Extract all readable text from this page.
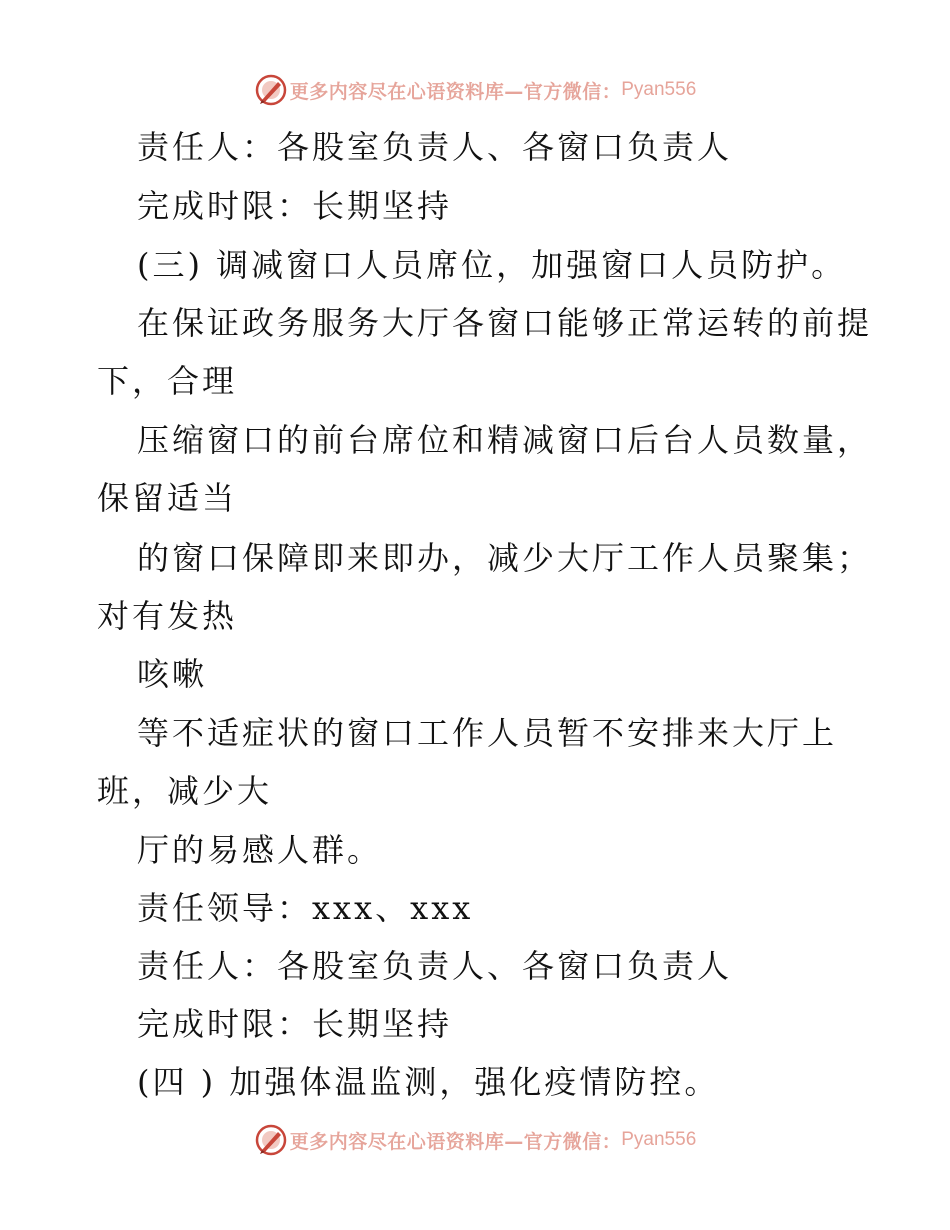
更多内容尽在心语资料库—官方微信： Pyan556
责任人：各股室负责人、各窗口负责人
完成时限：长期坚持
(三) 调减窗口人员席位，加强窗口人员防护。
在保证政务服务大厅各窗口能够正常运转的前提
下，合理
压缩窗口的前台席位和精减窗口后台人员数量，
保留适当
的窗口保障即来即办，减少大厅工作人员聚集；
对有发热
咳嗽
等不适症状的窗口工作人员暂不安排来大厅上
班，减少大
厅的易感人群。
责任领导：xxx、xxx
责任人：各股室负责人、各窗口负责人
完成时限：长期坚持
(四 ) 加强体温监测，强化疫情防控。
更多内容尽在心语资料库—官方微信： Pyan556
